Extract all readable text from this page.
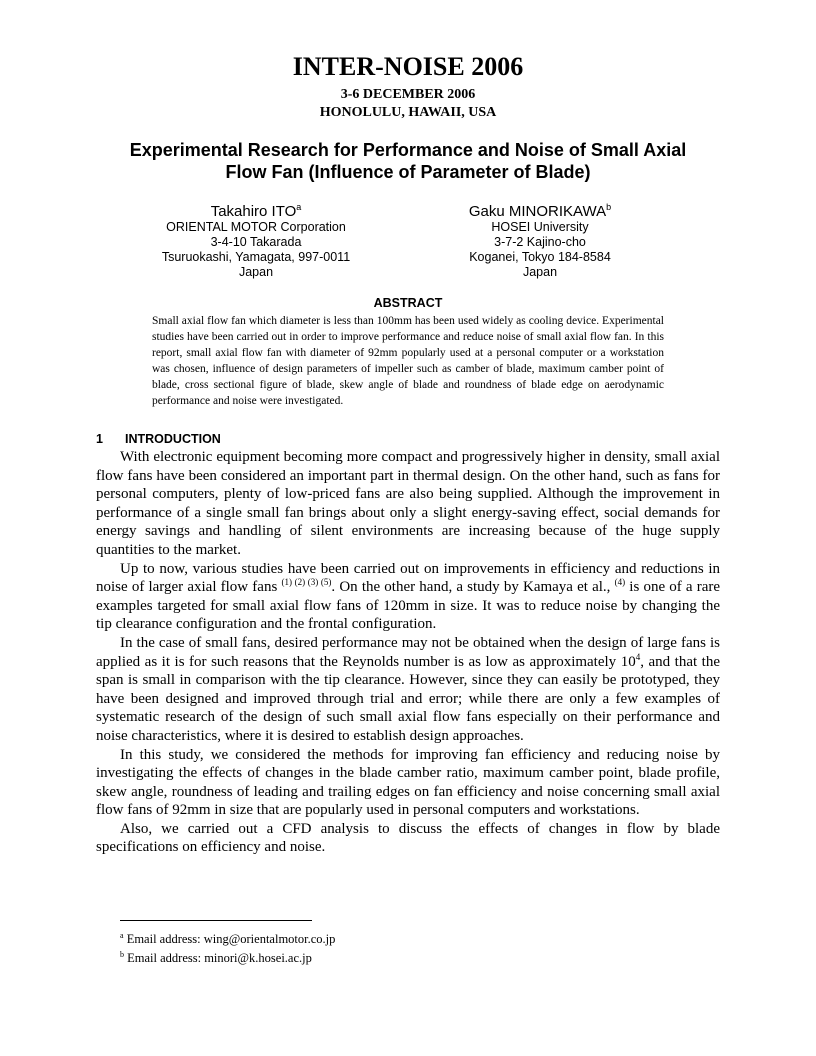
INTER-NOISE 2006
3-6 DECEMBER 2006
HONOLULU, HAWAII, USA
Experimental Research for Performance and Noise of Small Axial
Flow Fan (Influence of Parameter of Blade)
Takahiro ITO$^a$
ORIENTAL MOTOR Corporation
3-4-10 Takarada
Tsuruokashi, Yamagata, 997-0011
Japan
Gaku MINORIKAWA$^b$
HOSEI University
3-7-2 Kajino-cho
Koganei, Tokyo 184-8584
Japan
ABSTRACT
Small axial flow fan which diameter is less than 100mm has been used widely as cooling device. Experimental studies have been carried out in order to improve performance and reduce noise of small axial flow fan. In this report, small axial flow fan with diameter of 92mm popularly used at a personal computer or a workstation was chosen, influence of design parameters of impeller such as camber of blade, maximum camber point of blade, cross sectional figure of blade, skew angle of blade and roundness of blade edge on aerodynamic performance and noise were investigated.
1 INTRODUCTION

With electronic equipment becoming more compact and progressively higher in density, small axial flow fans have been considered an important part in thermal design. On the other hand, such as fans for personal computers, plenty of low-priced fans are also being supplied. Although the improvement in performance of a single small fan brings about only a slight energy-saving effect, social demands for energy savings and handling of silent environments are increasing because of the huge supply quantities to the market.

Up to now, various studies have been carried out on improvements in efficiency and reductions in noise of larger axial flow fans $^{(1) (2) (3) (5)}$. On the other hand, a study by Kamaya et al., $^{(4)}$ is one of a rare examples targeted for small axial flow fans of 120mm in size. It was to reduce noise by changing the tip clearance configuration and the frontal configuration.

In the case of small fans, desired performance may not be obtained when the design of large fans is applied as it is for such reasons that the Reynolds number is as low as approximately $10^4$, and that the span is small in comparison with the tip clearance. However, since they can easily be prototyped, they have been designed and improved through trial and error; while there are only a few examples of systematic research of the design of such small axial flow fans especially on their performance and noise characteristics, where it is desired to establish design approaches.

In this study, we considered the methods for improving fan efficiency and reducing noise by investigating the effects of changes in the blade camber ratio, maximum camber point, blade profile, skew angle, roundness of leading and trailing edges on fan efficiency and noise concerning small axial flow fans of 92mm in size that are popularly used in personal computers and workstations.

Also, we carried out a CFD analysis to discuss the effects of changes in flow by blade specifications on efficiency and noise.

$^a$ Email address: wing@orientalmotor.co.jp
$^b$ Email address: minori@k.hosei.ac.jp
